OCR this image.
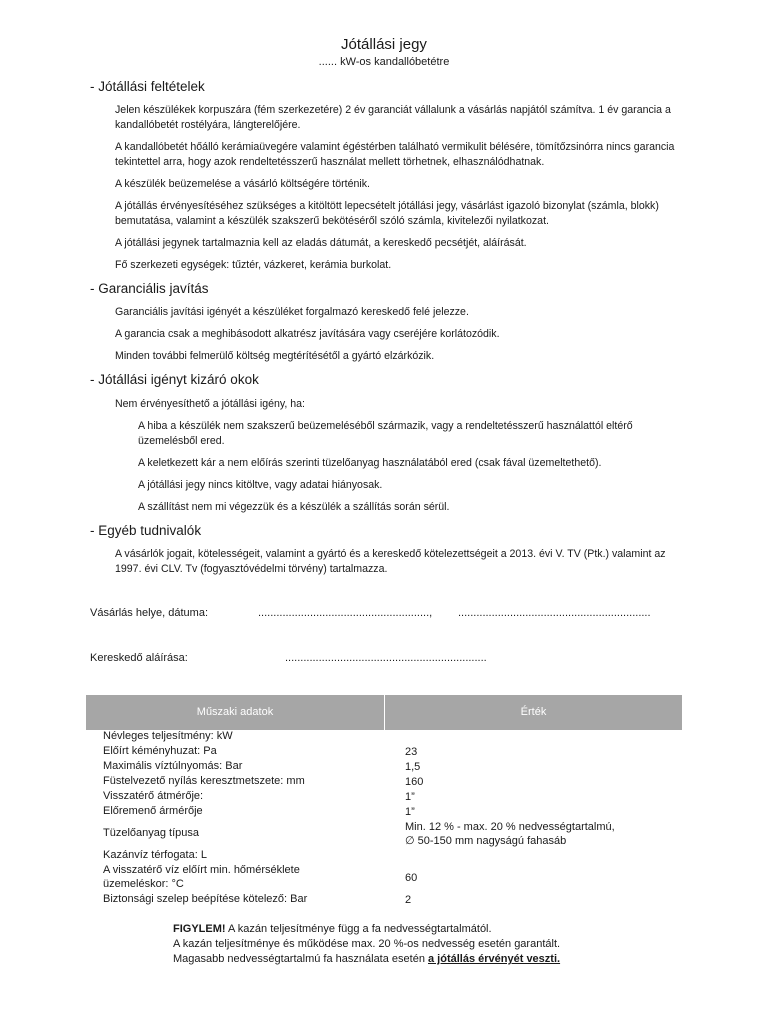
Jótállási jegy
...... kW-os kandallóbetétre
- Jótállási feltételek
Jelen készülékek korpuszára (fém szerkezetére) 2 év garanciát vállalunk a vásárlás napjától számítva. 1 év garancia a kandallóbetét rostélyára, lángterelőjére.
A kandallóbetét hőálló kerámiaüvegére valamint égéstérben található vermikulit bélésére, tömítőzsinórra nincs garancia tekintettel arra, hogy azok rendeltetésszerű használat mellett törhetnek, elhasználódhatnak.
A készülék beüzemelése a vásárló költségére történik.
A jótállás érvényesítéséhez szükséges a kitöltött lepecsételt jótállási jegy, vásárlást igazoló bizonylat (számla, blokk) bemutatása, valamint a készülék szakszerű bekötéséről szóló számla, kivitelezői nyilatkozat.
A jótállási jegynek tartalmaznia kell az eladás dátumát, a kereskedő pecsétjét, aláírását.
Fő szerkezeti egységek: tűztér, vázkeret, kerámia burkolat.
- Garanciális javítás
Garanciális javítási igényét a készüléket forgalmazó kereskedő felé jelezze.
A garancia csak a meghibásodott alkatrész javítására vagy cseréjére korlátozódik.
Minden további felmerülő költség megtérítésétől a gyártó elzárkózik.
- Jótállási igényt kizáró okok
Nem érvényesíthető a jótállási igény, ha:
A hiba a készülék nem szakszerű beüzemeléséből származik, vagy a rendeltetésszerű használattól eltérő üzemelésből ered.
A keletkezett kár a nem előírás szerinti tüzelőanyag használatából ered (csak fával üzemeltethető).
A jótállási jegy nincs kitöltve, vagy adatai hiányosak.
A szállítást nem mi végezzük és a készülék a szállítás során sérül.
- Egyéb tudnivalók
A vásárlók jogait, kötelességeit, valamint a gyártó és a kereskedő kötelezettségeit a 2013. évi V. TV (Ptk.) valamint az 1997. évi CLV. Tv (fogyasztóvédelmi törvény) tartalmazza.
Vásárlás helye, dátuma:	........................................................,	...............................................................
Kereskedő aláírása:	..................................................................
Műszaki adatok	Érték
Névleges teljesítmény: kW
Előírt kéményhuzat: Pa	23
Maximális víztúlnyomás: Bar	1,5
Füstelvezető nyílás keresztmetszete: mm	160
Visszatérő átmérője:	1”
Előremenő ármérője	1”
Tüzelőanyag típusa	Min. 12 % - max. 20 % nedvességtartalmú,
∅ 50-150 mm nagyságú fahasáb
Kazánvíz térfogata: L
A visszatérő víz előírt min. hőmérséklete
üzemeléskor: °C	60
Biztonsági szelep beépítése kötelező: Bar	2
FIGYLEM! A kazán teljesítménye függ a fa nedvességtartalmától.
A kazán teljesítménye és működése max. 20 %-os nedvesség esetén garantált.
Magasabb nedvességtartalmú fa használata esetén a jótállás érvényét veszti.
